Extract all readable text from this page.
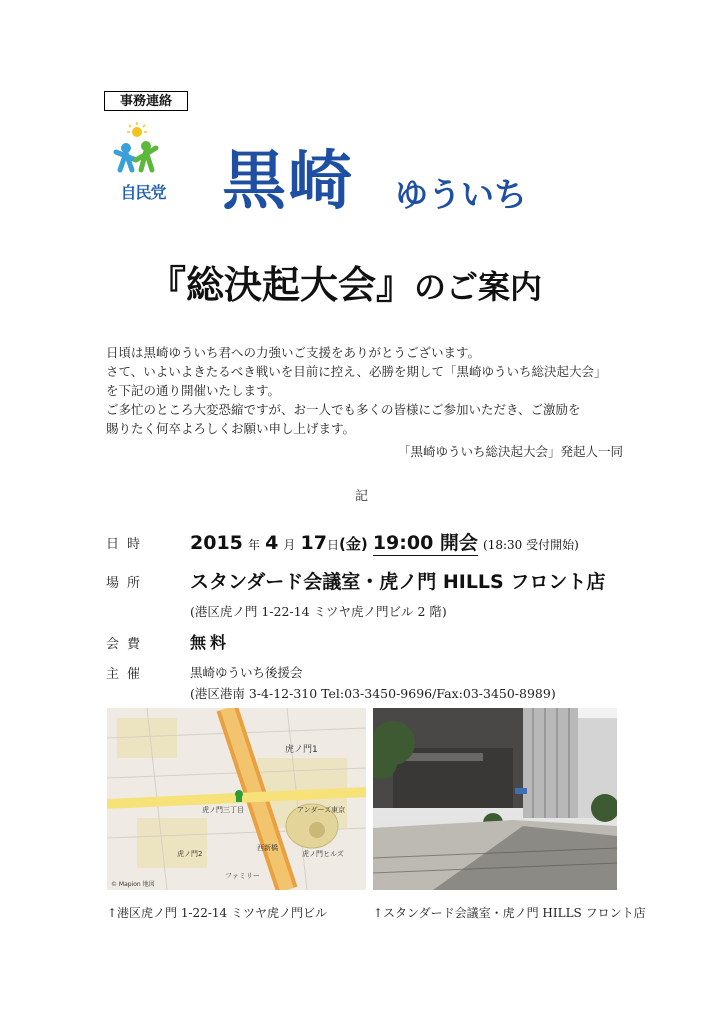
事務連絡
自民党 黒崎 ゆういち
『総決起大会』のご案内

日頃は黒崎ゆういち君への力強いご支援をありがとうございます。

さて、いよいよきたるべき戦いを目前に控え、必勝を期して「黒崎ゆういち総決起大会」

を下記の通り開催いたします。

ご多忙のところ大変恐縮ですが、お一人でも多くの皆様にご参加いただき、ご激励を

賜りたく何卒よろしくお願い申し上げます。

「黒崎ゆういち総決起大会」発起人一同
記
日時 2015 年 4 月 17日(金) 19:00 開会 (18:30 受付開始)
場所 スタンダード会議室・虎ノ門 HILLS フロント店
(港区虎ノ門 1-22-14 ミツヤ虎ノ門ビル 2 階)
会費	無料
主催	黒崎ゆういち後援会
(港区港南 3-4-12-310 Tel:03-3450-9696/Fax:03-3450-8989)
虎ノ門1
アンダーズ東京
虎ノ門ヒルズ
西新橋
虎ノ門2
虎ノ門三丁目
ファミリー
© Mapion 地図
↑港区虎ノ門 1-22-14 ミツヤ虎ノ門ビル	↑スタンダード会議室・虎ノ門 HILLS フロント店
